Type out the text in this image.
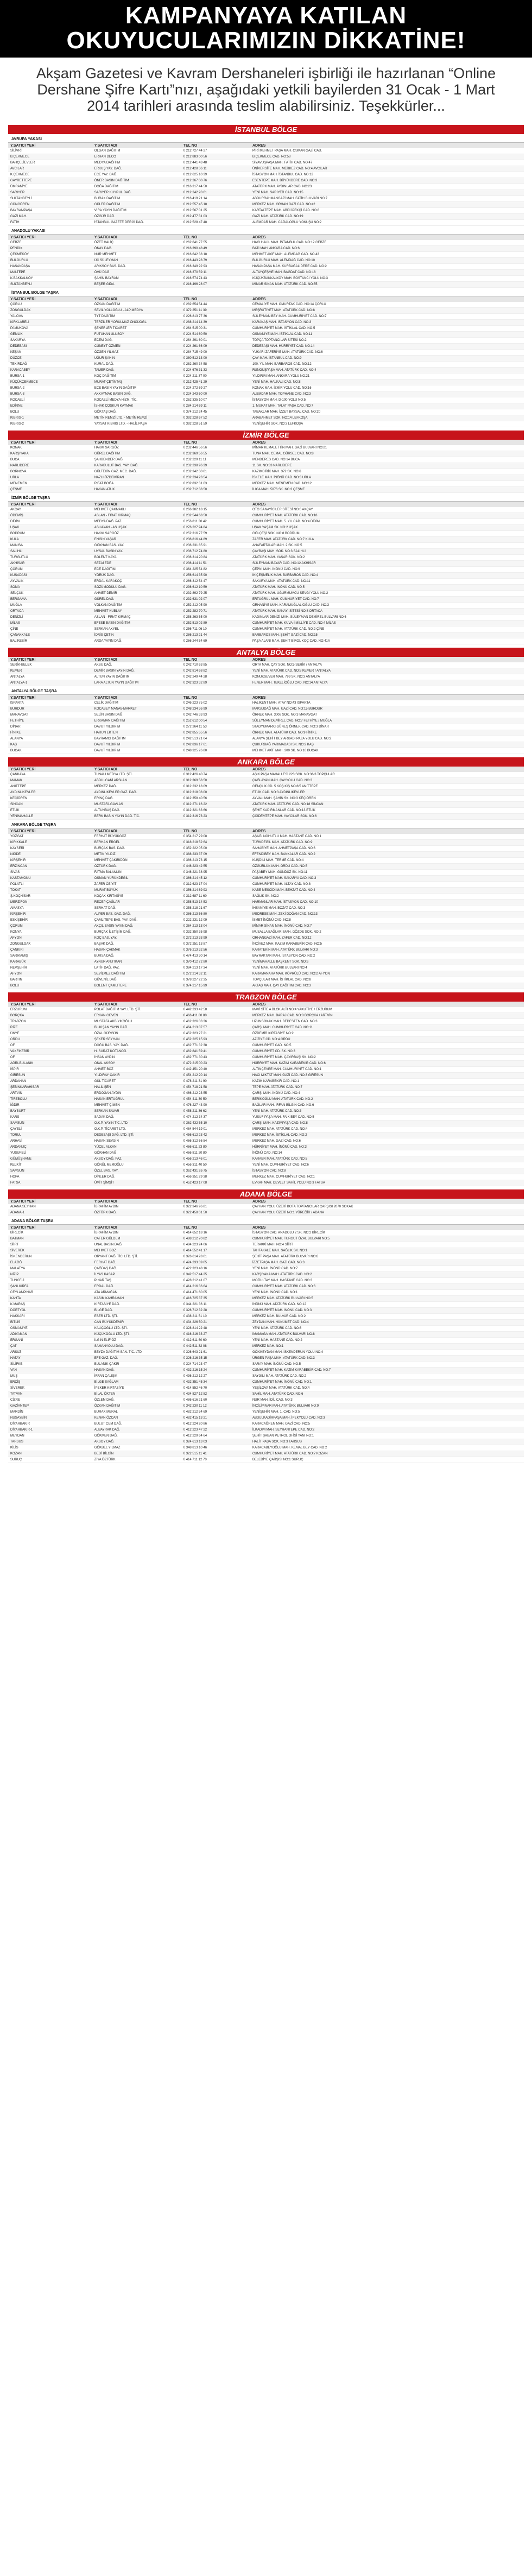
KAMPANYAYA KATILAN
OKUYUCULARIMIZIN DİKKATİNE!
Akşam Gazetesi ve Kavram Dershaneleri işbirliği ile hazırlanan “Online Dershane Şifre Kartı”nızı, aşağıdaki yetkili bayilerden 31 Ocak - 1 Mart 2014 tarihleri arasında teslim alabilirsiniz. Teşekkürler...
İSTANBUL BÖLGE
AVRUPA YAKASI
Y.SATICI YERİ	Y.SATICI ADI	TEL NO	ADRES
SİLİVRİ	OLGAN DAĞITIM	0 212 727 44 27	PİRİ MEHMET PAŞA MAH. OSMAN GAZİ CAD.
B.ÇEKMECE	ERHAN DECO	0 212 883 00 56	B.ÇEKMECE CAD. NO:58
BAHÇELİEVLER	MEDYA DAĞITIM	0 212 441 43 48	SİYAVUŞPAŞA MAH. FATİH CAD. NO:47
AVCILAR	ERKUŞ YAY. DAĞ.	0 212 428 36 11	ÜNİVERSİTE MAH. MERKEZ CAD. NO:4 AVCILAR
K.ÇEKMECE	ECE YAY. DAĞ.	0 212 625 10 39	İSTASYON MAH. İSTANBUL CAD. NO:12
GAYRETTEPE	ÖNER BASIN DAĞITIM	0 212 267 00 76	ESENTEPE MAH. BÜYÜKDERE CAD. NO:3
ÜMRANİYE	DOĞA DAĞITIM	0 216 317 44 50	ATATÜRK MAH. AYDINLAR CAD. NO:23
SARIYER	SARIYER KUYRUL DAĞ.	0 212 242 20 61	YENİ MAH. SARIYER CAD. NO:15
SULTANBEYLİ	BURAK DAĞITIM	0 216 419 21 14	ABDURRAHMANGAZİ MAH. FATİH BULVARI NO:7
GÜNGÖREN	GÜLER DAĞITIM	0 212 557 45 18	MERKEZ MAH. ORHAN GAZİ CAD. NO:42
BAYRAMPAŞA	VİRA YAYIN DAĞITIM	0 212 567 01 25	KARTALTEPE MAH. ABDİ İPEKÇİ CAD. NO:8
GAZİ MAH.	ÖZGÜR DAĞ.	0 212 477 31 03	GAZİ MAH. ATATÜRK CAD. NO:19
FATİH	İSTANBUL GAZETE DERGİ DAĞ.	0 212 528 47 48	ALEMDAR MAH. CAĞALOĞLU YOKUŞU NO:2
ANADOLU YAKASI
Y.SATICI YERİ	Y.SATICI ADI	TEL NO	ADRES
GEBZE	ÖZET HALİÇ	0 262 641 77 55	HACI HALİL MAH. İSTANBUL CAD. NO:12 GEBZE
PENDİK	ÖNAY DAĞ.	0 216 390 48 49	BATI MAH. ANKARA CAD. NO:6
ÇEKMEKÖY	NUR MEHMET	0 216 642 38 18	MEHMET AKİF MAH. ALEMDAĞ CAD. NO:43
BULGURLU	ÜÇ SÜLEYMAN	0 216 443 28 79	BULGURLU MAH. ALEMDAĞ CAD. NO:10
HASANPAŞA	ARIKSOY BAS. DAĞ.	0 216 349 92 93	HASANPAŞA MAH. KURBAĞALIDERE CAD. NO:2
MALTEPE	ÖVÜ DAĞ.	0 216 370 59 11	ALTAYÇEŞME MAH. BAĞDAT CAD. NO:18
K.BAKKALKÖY	ŞAHİN BAYRAM	0 216 574 74 43	KÜÇÜKBAKKALKÖY MAH. BOSTANCI YOLU NO:3
SULTANBEYLİ	BEŞER GIDA	0 216 496 28 07	MİMAR SİNAN MAH. ATATÜRK CAD. NO:55
İSTANBUL BÖLGE TAŞRA
Y.SATICI YERİ	Y.SATICI ADI	TEL NO	ADRES
ÇORLU	ÖZKAN DAĞITIM	0 282 654 54 44	CEMALİYE MAH. OMURTAK CAD. NO:14 ÇORLU
ZONGULDAK	SEVİL YOLLOĞLU - ALP MEDYA	0 372 251 11 39	MEŞRUTİYET MAH. ATATÜRK CAD. NO:8
YALOVA	TYT DAĞITIM	0 226 813 77 36	SÜLEYMAN BEY MAH. CUMHURİYET CAD. NO:7
KIRKLARELİ	TERZİLER YORULMAZ ÖNCÜOĞL.	0 288 214 14 39	KARAKAŞ MAH. İSTASYON CAD. NO:3
PAMUKOVA	ŞENERLER TICARET	0 264 515 00 31	CUMHURİYET MAH. İSTİKLAL CAD. NO:5
GEMLİK	FUTUHAN ULUSOY	0 224 514 60 50	OSMANİYE MAH. İSTİKLAL CAD. NO:11
SAKARYA	ECEM DAĞ.	0 264 291 60 01	TOPÇA TOPTANCILAR SİTESİ NO:2
DEDEBASI	CÜNEYT ÖZMEN	0 224 261 66 09	DEDEBAŞI MAH. HÜRRİYET CAD. NO:14
KEŞAN	ÖZGEN YILMAZ	0 284 715 49 00	YUKARI ZAFERİYE MAH. ATATÜRK CAD. NO:6
DÜZCE	UĞUR ŞAHİN	0 380 512 13 00	ÇAY MAH. İSTANBUL CAD. NO:9
TEKİRDAĞ	KURAL DAĞ.	0 282 260 34 58	100. YIL MAH. BARBAROS CAD. NO:12
KARACABEY	TAMER DAĞ.	0 224 676 31 33	RUNGUŞPAŞA MAH. ATATÜRK CAD. NO:4
BURSA-1	KOÇ DAĞITIM	0 224 211 37 00	YILDIRIM MAH. ANKARA YOLU NO:21
KÜÇÜKÇEKMECE	MURAT ÇETİNTAŞ	0 212 425 41 29	YENİ MAH. HALKALI CAD. NO:8
BURSA-2	ECE BASIN YAYIN DAĞITIM	0 224 272 69 27	KONAK MAH. İZMİR YOLU CAD. NO:16
BURSA-3	AKKAYMAK BASIN DAĞ.	0 224 243 60 00	ALEMDAR MAH. TOPHANE CAD. NO:3
KOCAELİ	KOCAELİ MEDYA HİZM. TİC.	0 262 335 10 07	İSTASYON MAH. D-100 YOLU NO:5
EDİRNE	İSHAK COŞKUN KAYMAK	0 284 214 69 11	1. MURAT MAH. TALAT PAŞA CAD. NO:7
BOLU	GÖKTAŞ DAĞ.	0 374 212 24 45	TABAKLAR MAH. İZZET BAYSAL CAD. NO:20
KIBRIS-1	METİN REMZİ LTD. - METİN REMZİ	0 392 228 67 52	ARABAHMET SOK. NO:14 LEFKOŞA
KIBRIS-2	YAYSAT KIBRIS LTD. - HALİL PAŞA	0 392 228 51 59	YENİŞEHİR SOK. NO:3 LEFKOŞA
İZMİR BÖLGE
Y.SATICI YERİ	Y.SATICI ADI	TEL NO	ADRES
KONAK	HAKKI SARGÖZ	0 232 446 56 56	MİMAR KEMALETTİN MAH. GAZİ BULVARI NO:21
KARŞIYAKA	GÜREL DAĞITIM	0 232 369 56 55	TUNA MAH. CEMAL GÜRSEL CAD. NO:8
BUCA	ŞAHBENDER DAĞ.	0 232 229 11 11	MENDERES CAD. NO:14 BUCA
NARLIDERE	KARABULUT BAS. YAY. DAĞ.	0 232 238 96 39	11 SK. NO:33 NARLIDERE
BORNOVA	GÜLTEKİN GAZ. MEC. DAĞ.	0 232 342 30 01	KAZIMDİRİK MAH. 372 SK. NO:6
URLA	NAZLI ÖZDEMİRAN	0 232 234 23 54	İSKELE MAH. İNÖNÜ CAD. NO:3 URLA
MENEMEN	RIFAT BOĞA	0 232 832 31 03	MERKEZ MAH. MENEMEN CAD. NO:12
ÇEŞME	HAKAN ATUK	0 232 712 38 50	İLICA MAH. 5076 SK. NO:3 ÇEŞME
İZMİR BÖLGE TAŞRA
Y.SATICI YERİ	Y.SATICI ADI	TEL NO	ADRES
AKÇAY	MEHMET ÇAKMAKLI	0 266 382 18 15	OTO SANAYİCİLER SİTESİ NO:6 AKÇAY
ÖDEMİŞ	ASLAN - FIRAT KIRMAÇ	0 232 544 68 50	CUMHURİYET MAH. ATATÜRK CAD. NO:18
DİDİM	MEDYA DAĞ. PAZ.	0 256 811 30 42	CUMHURİYET MAH. 5. YIL CAD. NO:4 DİDİM
UŞAK	ASLIAYAN - AS UŞAK	0 276 227 94 84	UŞAK YAŞAM SK. NO:2 UŞAK
BODRUM	HAKKI SARGÖZ	0 252 316 77 59	GÖLÇEŞİ SOK. NO:8 BODRUM
KULA	ENGİN YAŞAR	0 236 816 44 89	ZAFER MAH. ATATÜRK CAD. NO:7 KULA
MANİSA	GÖKHAN BAS. YAY.	0 236 231 85 91	ANAFARTALAR MAH. 2 SK. NO:5
SALİHLİ	UYSAL BASIN YAY.	0 236 712 74 80	ÇAYBAŞI MAH. SOK. NO:3 SALİHLİ
TURGUTLU	BOLENT KAYA	0 236 314 20 84	ATATÜRK MAH. YAŞAR SOK. NO:2
AKHİSAR	SEZAİ EDE	0 236 414 11 51	SÜLEYMAN BAYAR CAD. NO:12 AKHİSAR
ÇORUM	ECE DAĞITIM	0 364 225 54 82	ÇEPNİ MAH. İNÖNÜ CAD. NO:9
KUŞADASI	YÖRÜK DAĞ.	0 256 614 35 90	İKİÇEŞMELİK MAH. BARBAROS CAD. NO:4
AYVALIK	ERDAL KARAKOÇ	0 266 312 54 47	SAKARYA MAH. ATATÜRK CAD. NO:11
SOMA	SÖZÜMODÜLÜ DAĞ.	0 236 612 10 59	ATATÜRK MAH. İNÖNÜ CAD. NO:5
SELÇUK	AHMET DEMİR	0 232 892 79 25	ATATÜRK MAH. UĞURMUMCU SEVGİ YOLU NO:2
BERGAMA	GÜREL DAĞ.	0 232 631 02 07	ERTUĞRUL MAH. CUMHURİYET CAD. NO:7
MUĞLA	VOLKAN DAĞITIM	0 252 212 05 90	ORHANİYE MAH. KARAMUĞLALIOĞLU CAD. NO:3
ORTACA	MEHMET KUBLAY	0 252 282 70 71	ATATÜRK MAH. SANAYİ SİTESİ NO:8 ORTACA
DENİZLİ	ASLAN - FIRAT KIRMAÇ	0 258 263 55 00	KADINLAR DENİZİ MAH. SÜLEYMAN DEMİREL BULVARI NO:6
MİLAS	EFESE BASIN DAĞITIM	0 252 513 02 89	CUMHURİYET MAH. KUVA-İ MİLLİYE CAD. NO:4 MİLAS
ÇİNE	SERKAN AKYEL	0 256 711 06 10	CUMHURİYET MAH. ATATÜRK CAD. NO:2 ÇİNE
ÇANAKKALE	İDRİS ÇETİN	0 286 213 21 44	BARBAROS MAH. ŞEHİT GAZİ CAD. NO:15
BALIKESİR	ARDA YAYIN DAĞ.	0 266 244 54 69	PAŞA ALANI MAH. ŞEHİT BİROL KOÇ CAD. NO:41A
ANTALYA BÖLGE
Y.SATICI YERİ	Y.SATICI ADI	TEL NO	ADRES
SERİK-BELEK	AKSU DAĞ.	0 242 710 63 85	ORTA MAH. ÇAY SOK. NO:5 SERİK / ANTALYA
KEMER	DEMİR BASIN YAYIN DAĞ.	0 242 814 68 82	YENİ MAH. ATATÜRK CAD. NO:8 KEMER / ANTALYA
ANTALYA	ALTUN YAYIN DAĞITIM	0 242 249 44 28	KONUKSEVER MAH. 799 SK. NO:3 ANTALYA
ANTALYA-1	LARA ALTUN YAYIN DAĞITIM	0 242 323 32 89	FENER MAH. TEKELİOĞLU CAD. NO:14 ANTALYA
ANTALYA BÖLGE TAŞRA
Y.SATICI YERİ	Y.SATICI ADI	TEL NO	ADRES
ISPARTA	CELİK DAĞITIM	0 246 223 75 02	HALIKENT MAH. ATAY NO:43 ISPARTA
BURDUR	KOCABEY MANAV-MARKET	0 248 234 36 99	MAKSUDAĞ MAH. GAZİ CAD. NO:15 BURDUR
MANAVGAT	SELİN BASIN DAĞ.	0 242 746 33 93	ÖRNEK MAH. 3008 SOK. NO:3 MANAVGAT
FETHİYE	ERKAMAN DAĞITIM	0 252 612 00 54	SÜLEYMAN DEMİREL CAD. NO:7 FETHİYE / MUĞLA
DİNAR	DAVUT YILDIRIM	0 272 264 11 53	STADYUMARKI GÜNEŞ ÖRNEK CAD. NO:3 DİNAR
FİNİKE	HARUN EKTEN	0 242 855 55 56	ÖRNEK MAH. ATATÜRK CAD. NO:9 FİNİKE
ALANYA	BAYRAMCI DAĞITIM	0 242 513 21 04	ALANYA ŞEHİT BEY ARKADI PAZA YOLU CAD. NO:2
KAŞ	DAVUT YILDIRIM	0 242 836 17 61	ÇUKURBAĞ YARIMADASI SK. NO:2 KAŞ
BUCAK	DAVUT YILDIRIM	0 248 325 26 80	MEHMET AKİF MAH. 300 SK. NO:10 BUCAK
ANKARA BÖLGE
Y.SATICI YERİ	Y.SATICI ADI	TEL NO	ADRES
ÇANKAYA	TUNALI MEDYA LTD. ŞTİ.	0 312 426 40 74	AŞIK PAŞA MAHALLESİ 223 SOK. NO:36/3 TOPÇULAR
MAMAK	ABDULGANİ ARSLAN	0 312 369 58 50	ÇAĞLAYAN MAH. ÇAYYOLU CAD. NO:3
ANITTEPE	MERKEZ DAĞ.	0 312 232 18 09	GENÇLİK CD. 5 KOŞ KIŞ NO:8/5 ANITTEPE
AYDINLIKEVLER	AYDINLIKEVLER GAZ. DAĞ.	0 312 318 08 00	ETLİK CAD. NO:3 AYDINLIKEVLER
KEÇİÖREN	ERİNÇ DAĞ.	0 312 358 40 56	AYVALI MAH. ŞAHİN SK. NO:3 KEÇİÖREN
SİNCAN	MUSTAFA GAVLAS	0 312 271 16 22	ATATÜRK MAH. ATATÜRK CAD. NO:18 SİNCAN
ETLİK	ALTUNBAŞ DAĞ.	0 312 321 63 66	ŞEHİT KADIRMANLAR CAD. NO:13 ETLİK
YENİMAHALLE	BERK BASIN YAYIN DAĞ. TİC.	0 312 316 73 23	ÇİĞDEMTEPE MAH. YAYCILAR SOK. NO:6
ANKARA BÖLGE TAŞRA
Y.SATICI YERİ	Y.SATICI ADI	TEL NO	ADRES
YOZGAT	FERHAT BÜYÜKGÖZ	0 354 217 29 08	AŞAĞI NOHUTLU MAH. HASTANE CAD. NO:1
KIRIKKALE	BERHAN ERGEL	0 318 218 52 64	TÜRKDEĞİL MAH. ATATÜRK CAD. NO:9
KAYSERİ	BURÇAK BAS. DAĞ.	0 352 222 05 00	SAHABİYE MAH. AHMETPAŞA CAD. NO:6
NİĞDE	METİN YILDIZ	0 388 233 37 09	EFENDİBEY MAH. BANKALAR CAD. NO:2
KIRŞEHİR	MEHMET ÇAKIRIDÖN	0 386 213 73 15	KUŞDİLİ MAH. TERME CAD. NO:4
ERZİNCAN	ÖZTÜRK DAĞ.	0 446 223 42 55	ÖZGÜRLÜK MAH. ORDU CAD. NO:5
SİVAS	FATMA BALAMUN	0 346 221 38 95	PAŞABEY MAH. GÜNDÜZ SK. NO:11
KASTAMONU	OSMAN YÜRÜKDEĞİL	0 366 214 45 12	CUMHURİYET MAH. SAKARYA CAD. NO:3
POLATLI	ZAFER ÖZİYİT	0 312 623 17 04	CUMHURİYET MAH. ALTAY CAD. NO:8
TOKAT	MURAT BÜYÜK	0 356 214 89 93	KABE MESCİDİ MAH. BEHZAT CAD. NO:4
Ş.KOÇHİSAR	KOÇAK KIRTASİYE	0 312 687 11 60	SAĞLIK SK. NO:2
MERZİFON	RECEP ÇAĞLAR	0 358 513 14 53	HARMANLAR MAH. İSTASYON CAD. NO:10
AMASYA	SERHAT DAĞ.	0 358 218 21 67	İHSANİYE MAH. BOZAT CAD. NO:3
KIRŞEHİR	ALPER BAS. GAZ. DAĞ.	0 386 213 56 80	MEDRESE MAH. ZEKİ DOĞAN CAD. NO:13
ESKİŞEHİR	ÇAMLITEPE BAS. YAY. DAĞ.	0 222 231 12 09	İSMET İNÖNÜ CAD. NO:8
ÇORUM	AKÇIL BASIN YAYIN DAĞ.	0 364 213 13 04	MİMAR SİNAN MAH. İNÖNÜ CAD. NO:7
KONYA	BURÇAK İLETİŞİM DAĞ.	0 332 350 35 98	MUSALLA BAĞLARI MAH. GÖZDE SOK. NO:2
AFYON	KOÇ BAS. YAY.	0 272 213 33 99	ORHANGAZİ MAH. ZAFER CAD. NO:12
ZONGULDAK	BAŞAK DAĞ.	0 372 251 13 87	İNCİVEZ MAH. KAZIM KARABEKİR CAD. NO:5
ÇANKIRI	HASAN ÇAKMAK	0 376 213 32 56	KARATEKİN MAH. ATATÜRK BULVARI NO:3
SARIKAMIŞ	BURSA DAĞ.	0 474 413 30 14	BAYRAKTAR MAH. İSTASYON CAD. NO:2
KARABÜK	AYNUR ANUTKAN	0 370 412 72 80	YENİMAHALLE BAŞKENT SOK. NO:6
NEVŞEHİR	LATİF DAĞ. PAZ.	0 384 213 17 34	YENİ MAH. ATATÜRK BULVARI NO:4
AFYON	SEVİLMEZ DAĞITIM	0 272 214 32 11	KARAMANARA MAH. KÖPRÜLÜ CAD. NO:2 AFYON
BARTIN	GÜVENİL DAĞ.	0 378 227 22 35	TOPÇULAR MAH. İSTİKLAL CAD. NO:8
BOLU	BOLENT ÇAMLITEPE	0 374 217 15 99	AKTAŞ MAH. ÇAY DAĞITIM CAD. NO:3
TRABZON BÖLGE
Y.SATICI YERİ	Y.SATICI ADI	TEL NO	ADRES
ERZURUM	POLAT DAĞITIM YAY. LTD. ŞTİ.	0 442 233 42 58	MAVİ SİTE A BLOK ALTI NO:4 YAKUTİYE / ERZURUM
BORÇKA	ERKAN GÜVEN	0 466 411 80 80	MERKEZ MAH. BARAJ CAD. NO:8 BORÇKA / ARTVİN
TRABZON	MUSTAFA AKBIYIKOĞLU	0 462 326 03 36	UZUNSOKAK MAH. BEDESTEN CAD. NO:3
RİZE	BİLKIŞAN YAYIN DAĞ.	0 464 213 07 57	ÇARŞI MAH. CUMHURİYET CAD. NO:11
ÜNYE	ÖZAL GÜRGÜN	0 452 323 27 21	ÖZDEMİR KIRTASİYE NO:2
ORDU	ŞEKER SEYHAN	0 452 225 15 93	AZİZİYE CD. NO:4 ORDU
OF	DOĞU BAS. YAY. DAĞ.	0 462 771 32 38	CUMHURİYET CAD. NO:5
VAKFIKEBİR	H. SURAT KOTANOĞ.	0 462 841 59 41	CUMHURİYET CD. SK. NO:3
OF	İHSAN AYDIN	0 462 771 30 43	CUMHURİYET MAH. ÇAYIRBAŞI SK. NO:2
AĞRI-BULANIK	ONAL AKSOY	0 472 215 00 23	HÜRRİYET MAH. KAZIM KARABEKİR CAD. NO:6
İSPİR	AHMET BOZ	0 442 451 20 40	ALTINÇEVRE MAH. CUMHURİYET CAD. NO:1
GİRESUN	YILDIRAY ÇAKIR	0 454 212 20 14	HACI MİKTAT MAH. GAZİ CAD. NO:3 GİRESUN
ARDAHAN	GÜL TİCARET	0 478 211 31 90	KAZIM KARABEKİR CAD. NO:1
ŞEBİNKARAHİSAR	HALİL ŞEN	0 454 718 21 58	TEPE MAH. ATATÜRK CAD. NO:7
ARTVİN	ERDOĞAN AYDIN	0 466 212 23 55	ÇARŞI MAH. İNÖNÜ CAD. NO:4
TİREBOLU	HASAN ERTUĞRUL	0 454 411 30 50	BERİKOĞLU MAH. ATATÜRK CAD. NO:2
İĞDIR	MEHMET ÇİMEN	0 476 227 43 90	BAĞLAR MAH. İRFAN BİLGİN CAD. NO:6
BAYBURT	SERKAN SAVAR	0 458 211 36 62	YENİ MAH. ATATÜRK CAD. NO:3
KARS	SADAK DAĞ.	0 474 212 34 37	YUSUF PAŞA MAH. FAİK BEY CAD. NO:5
SAMSUN	O.K.P. YAYIN TİC. LTD.	0 362 432 55 10	ÇARŞI MAH. KAZIMPAŞA CAD. NO:8
ÇAYELİ	O.K.P. TİCARET LTD.	0 464 544 19 01	MERKEZ MAH. ATATÜRK CAD. NO:4
TORUL	DEDEBAŞI DAĞ. LTD. ŞTİ.	0 456 612 23 42	MERKEZ MAH. İSTİKLAL CAD. NO:2
ARHAVİ	HASAN SEVGİN	0 466 312 66 54	MERKEZ MAH. GAZİ CAD. NO:6
ARDANUÇ	YÜCEL ALKAN	0 466 611 23 80	HÜRRİYET MAH. İNÖNÜ CAD. NO:3
YUSUFELİ	GÖKHAN DAĞ.	0 466 811 20 80	İNÖNÜ CAD. NO:14
GÜMÜŞHANE	AKSOY DAĞ. PAZ.	0 456 213 46 01	KARAER MAH. ATATÜRK CAD. NO:5
KELKİT	GÖNÜL MEMOĞLU	0 456 311 40 50	YENİ MAH. CUMHURİYET CAD. NO:6
SAMSUN	ÖZEL BAS. YAY.	0 362 431 26 75	İSTASYON CAD. NO:8
HOPA	DİNLER DAĞ.	0 466 351 29 38	MERKEZ MAH. CUMHURİYET CAD. NO:1
FATSA	ÜMİT ŞİMŞİT	0 452 423 17 08	EVKAF MAH. DEVLET SAHİL YOLU NO:3 FATSA
ADANA BÖLGE
Y.SATICI YERİ	Y.SATICI ADI	TEL NO	ADRES
ADANA SEYHAN	İBRAHİM AYDIN	0 322 346 96 81	ÇAYHAN YOLU ÜZERİ BOTA TOPTANCILAR ÇARŞISI 2070 SOKAK
ADANA-1	ÖZTÜRK DAĞ.	0 322 458 01 50	ÇAYHAN YOLU ÜZERİ NO:1 YÜREĞİR / ADANA
ADANA BÖLGE TAŞRA
Y.SATICI YERİ	Y.SATICI ADI	TEL NO	ADRES
BİRECİK	İBRAHİM AYDIN	0 414 652 18 16	İSTASYON CAD. ANADOLU 2 SK. NO:2 BİRECİK
BATMAN	CAFER GÜLDEM	0 488 212 70 82	CUMHURİYET MAH. TURGUT ÖZAL BULVARI NO:5
SİİRT	UNAL BASIN DAĞ.	0 484 223 24 06	TERAKKİ MAH. NO:4 SİİRT
SİVEREK	MEHMET BOZ	0 414 552 41 17	TAHTAKALE MAH. SAĞLIK SK. NO:1
İSKENDERUN	ORYANT DAĞ. TİC. LTD. ŞTİ.	0 326 614 28 01	ŞEHİT PAŞA MAH. ATATÜRK BULVARI NO:6
ELAZIĞ	FERHAT DAĞ.	0 424 233 39 05	İZZETPAŞA MAH. GAZİ CAD. NO:3
MALATYA	ÇAĞDAŞ DAĞ.	0 422 323 48 16	YENİ MAH. İNÖNÜ CAD. NO:7
NİZİP	İLYAS KASAP	0 342 517 44 25	KARŞIYAKA MAH. ATATÜRK CAD. NO:2
TUNCELİ	PINAR TAŞ	0 428 212 41 07	MOĞULTAY MAH. HASTANE CAD. NO:3
ŞANLIURFA	ERDAL DAĞ.	0 414 216 36 64	CUMHURİYET MAH. ATATÜRK CAD. NO:6
CEYLANPINAR	ATA ARMAĞAN	0 414 471 60 05	YENİ MAH. İNÖNÜ CAD. NO:1
KAHTA	KASIM KAHRAMAN	0 416 725 37 35	MERKEZ MAH. ATATÜRK BULVARI NO:5
K.MARAŞ	KIRTASİYE DAĞ.	0 344 221 36 11	İNÖNÜ MAH. ATATÜRK CAD. NO:12
DÖRTYOL	BİLGE DAĞ.	0 326 712 32 28	CUMHURİYET MAH. İNÖNÜ CAD. NO:3
HAKKARİ	ESER LTD. ŞTİ.	0 438 211 51 10	MERKEZ MAH. BULVAR CAD. NO:2
BİTLİS	CAN BÜYÜKDEMİR	0 434 226 50 21	ZEYDAN MAH. HÜKÜMET CAD. NO:4
OSMANİYE	KALİÇOĞLU LTD. ŞTİ.	0 328 814 22 48	YENİ MAH. ATATÜRK CAD. NO:6
ADIYAMAN	KÜÇÜKOĞLU LTD. ŞTİ.	0 416 216 33 27	İMAMAĞA MAH. ATATÜRK BULVARI NO:8
ERGANİ	İLGİN ELİF ÖZ	0 412 611 60 60	YENİ MAH. HASTANE CAD. NO:2
ÇAT	SAMANYOLU DAĞ.	0 442 511 32 08	MERKEZ MAH. NO:1
ARSUZ	BEYZA DAĞITIM SAN. TİC. LTD.	0 326 643 21 61	GÖKMEYDAN MAH. İSKENDERUN YOLU NO:4
HATAY	EFE GAZ. DAĞ.	0 326 216 35 15	ÜRGEN PAŞA MAH. ATATÜRK CAD. NO:3
SİLİFKE	BULANIK ÇAKIR	0 324 714 23 47	SARAY MAH. İNÖNÜ CAD. NO:5
VAN	HASAN DAĞ.	0 432 216 15 24	CUMHURİYET MAH. KAZIM KARABEKİR CAD. NO:7
MUŞ	İRFAN ÇALIŞIK	0 436 212 12 27	SAYGILI MAH. ATATÜRK CAD. NO:2
ERCİŞ	BİLGE SAĞLAM	0 432 351 45 34	CUMHURİYET MAH. İNÖNÜ CAD. NO:1
SİVEREK	İPEKER KIRTASİYE	0 414 552 46 70	YEŞİLOVA MAH. ATATÜRK CAD. NO:4
TATVAN	BİLAL ÖKTEN	0 434 827 12 82	SAHİL MAH. ATATÜRK CAD. NO:6
CİZRE	ÖZLEM DAĞ.	0 486 616 21 60	NUR MAH. İDİL CAD. NO:3
GAZİANTEP	ÖZKAN DAĞITIM	0 342 230 11 12	İNCİLİPINAR MAH. ATATÜRK BULVARI NO:9
MARDİN	BURAK MERAL	0 482 212 54 69	YENİŞEHİR MAH. 1. CAD. NO:5
NUSAYBİN	KENAN ÖZCAN	0 482 415 13 21	ABDULKADİRPAŞA MAH. İPEKYOLU CAD. NO:3
DİYARBAKIR	BULUT CEM DAĞ.	0 412 224 20 86	KARACAÖREN MAH. GAZİ CAD. NO:5
DİYARBAKIR-1	ALBAYRAK DAĞ.	0 412 223 47 22	İLKADIM MAH. SEYRANTEPE CAD. NO:2
MEYDAN	GÖKMEN DAĞ.	0 412 229 64 64	ŞEHİT ŞABAN PETROL OFİSİ YANI NO:1
TARSUS	AKSOY DAĞ.	0 324 613 13 03	HALİT PAŞA SOK. NO:3 TARSUS
KİLİS	GÖKBEL YILMAZ	0 348 813 10 46	KARACABEYOĞLU MAH. KEMAL BEY CAD. NO:2
KOZAN	BEDİ BİLGİN	0 322 515 11 41	CUMHURİYET MAH. ATATÜRK CAD. NO:7 KOZAN
SURUÇ	ZİYA ÖZTÜRK	0 414 711 12 70	BELEDİYE ÇARŞISI NO:1 SURUÇ
